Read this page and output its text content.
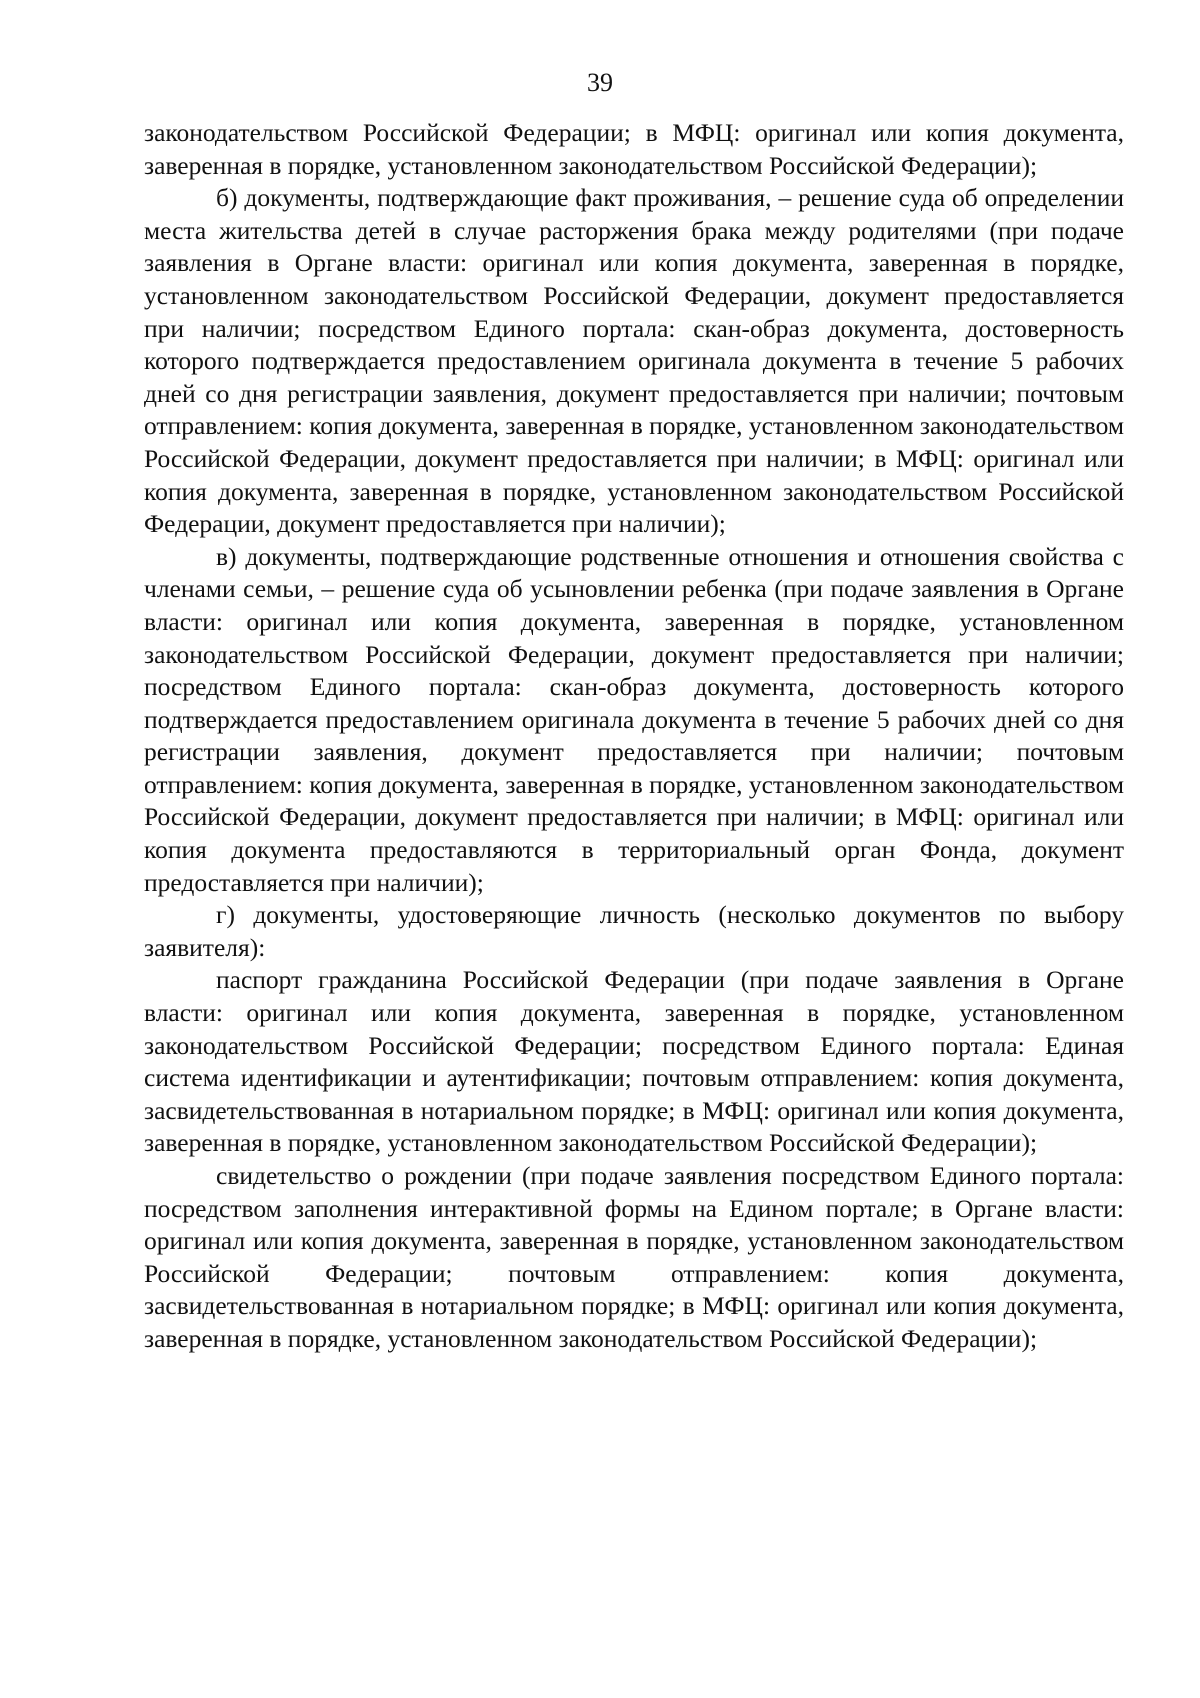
39

законодательством Российской Федерации; в МФЦ: оригинал или копия документа, заверенная в порядке, установленном законодательством Российской Федерации);

б) документы, подтверждающие факт проживания, – решение суда об определении места жительства детей в случае расторжения брака между родителями (при подаче заявления в Органе власти: оригинал или копия документа, заверенная в порядке, установленном законодательством Российской Федерации, документ предоставляется при наличии; посредством Единого портала: скан-образ документа, достоверность которого подтверждается предоставлением оригинала документа в течение 5 рабочих дней со дня регистрации заявления, документ предоставляется при наличии; почтовым отправлением: копия документа, заверенная в порядке, установленном законодательством Российской Федерации, документ предоставляется при наличии; в МФЦ: оригинал или копия документа, заверенная в порядке, установленном законодательством Российской Федерации, документ предоставляется при наличии);

в) документы, подтверждающие родственные отношения и отношения свойства с членами семьи, – решение суда об усыновлении ребенка (при подаче заявления в Органе власти: оригинал или копия документа, заверенная в порядке, установленном законодательством Российской Федерации, документ предоставляется при наличии; посредством Единого портала: скан-образ документа, достоверность которого подтверждается предоставлением оригинала документа в течение 5 рабочих дней со дня регистрации заявления, документ предоставляется при наличии; почтовым отправлением: копия документа, заверенная в порядке, установленном законодательством Российской Федерации, документ предоставляется при наличии; в МФЦ: оригинал или копия документа предоставляются в территориальный орган Фонда, документ предоставляется при наличии);

г) документы, удостоверяющие личность (несколько документов по выбору заявителя):

паспорт гражданина Российской Федерации (при подаче заявления в Органе власти: оригинал или копия документа, заверенная в порядке, установленном законодательством Российской Федерации; посредством Единого портала: Единая система идентификации и аутентификации; почтовым отправлением: копия документа, засвидетельствованная в нотариальном порядке; в МФЦ: оригинал или копия документа, заверенная в порядке, установленном законодательством Российской Федерации);

свидетельство о рождении (при подаче заявления посредством Единого портала: посредством заполнения интерактивной формы на Едином портале; в Органе власти: оригинал или копия документа, заверенная в порядке, установленном законодательством Российской Федерации; почтовым отправлением: копия документа, засвидетельствованная в нотариальном порядке; в МФЦ: оригинал или копия документа, заверенная в порядке, установленном законодательством Российской Федерации);
